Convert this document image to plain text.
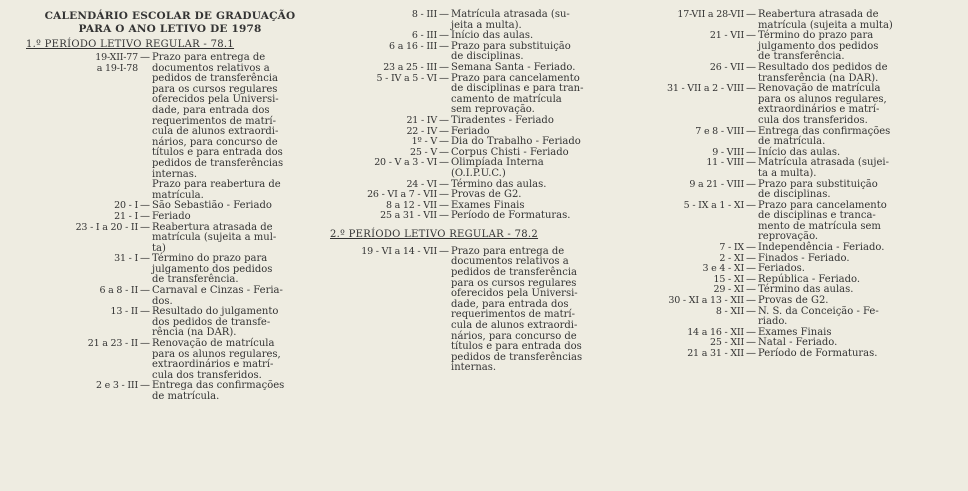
CALENDÁRIO ESCOLAR DE GRADUAÇÃO
PARA O ANO LETIVO DE 1978
1.º PERÍODO LETIVO REGULAR - 78.1
19-XII-77
a 19-I-78
— Prazo para entrega de
documentos relativos a
pedidos de transferência
para os cursos regulares
oferecidos pela Universi-
dade, para entrada dos
requerimentos de matrí-
cula de alunos extraordi-
nários, para concurso de
títulos e para entrada dos
pedidos de transferências
internas.
Prazo para reabertura de
matrícula.
20 - I — São Sebastião - Feriado
21 - I — Feriado
23 - I a 20 - II — Reabertura atrasada de
matrícula (sujeita a mul-
ta)
31 - I — Término do prazo para
julgamento dos pedidos
de transferência.
6 a 8 - II — Carnaval e Cinzas - Feria-
dos.
13 - II — Resultado do julgamento
dos pedidos de transfe-
rência (na DAR).
21 a 23 - II — Renovação de matrícula
para os alunos regulares,
extraordinários e matrí-
cula dos transferidos.
2 e 3 - III — Entrega das confirmações
de matrícula.
8 - III — Matrícula atrasada (su-
jeita a multa).
6 - III — Início das aulas.
6 a 16 - III — Prazo para substituição
de disciplinas.
23 a 25 - III — Semana Santa - Feriado.
5 - IV a 5 - VI — Prazo para cancelamento
de disciplinas e para tran-
camento de matrícula
sem reprovação.
21 - IV — Tiradentes - Feriado
22 - IV — Feriado
1º - V — Dia do Trabalho - Feriado
25 - V — Corpus Chisti - Feriado
20 - V a 3 - VI — Olimpíada Interna
(O.I.P.U.C.)
24 - VI — Término das aulas.
26 - VI a 7 - VII — Provas de G2.
8 a 12 - VII — Exames Finais
25 a 31 - VII — Período de Formaturas.
2.º PERÍODO LETIVO REGULAR - 78.2
19 - VI a 14 - VII — Prazo para entrega de
documentos relativos a
pedidos de transferência
para os cursos regulares
oferecidos pela Universi-
dade, para entrada dos
requerimentos de matrí-
cula de alunos extraordi-
nários, para concurso de
títulos e para entrada dos
pedidos de transferências
internas.
17-VII a 28-VII — Reabertura atrasada de
matrícula (sujeita a multa)
21 - VII — Término do prazo para
julgamento dos pedidos
de transferência.
26 - VII — Resultado dos pedidos de
transferência (na DAR).
31 - VII a 2 - VIII — Renovação de matrícula
para os alunos regulares,
extraordinários e matrí-
cula dos transferidos.
7 e 8 - VIII — Entrega das confirmações
de matrícula.
9 - VIII — Início das aulas.
11 - VIII — Matrícula atrasada (sujei-
ta a multa).
9 a 21 - VIII — Prazo para substituição
de disciplinas.
5 - IX a 1 - XI — Prazo para cancelamento
de disciplinas e tranca-
mento de matrícula sem
reprovação.
7 - IX — Independência - Feriado.
2 - XI — Finados - Feriado.
3 e 4 - XI — Feriados.
15 - XI — República - Feriado.
29 - XI — Término das aulas.
30 - XI a 13 - XII — Provas de G2.
8 - XII — N. S. da Conceição - Fe-
riado.
14 a 16 - XII — Exames Finais
25 - XII — Natal - Feriado.
21 a 31 - XII — Período de Formaturas.
